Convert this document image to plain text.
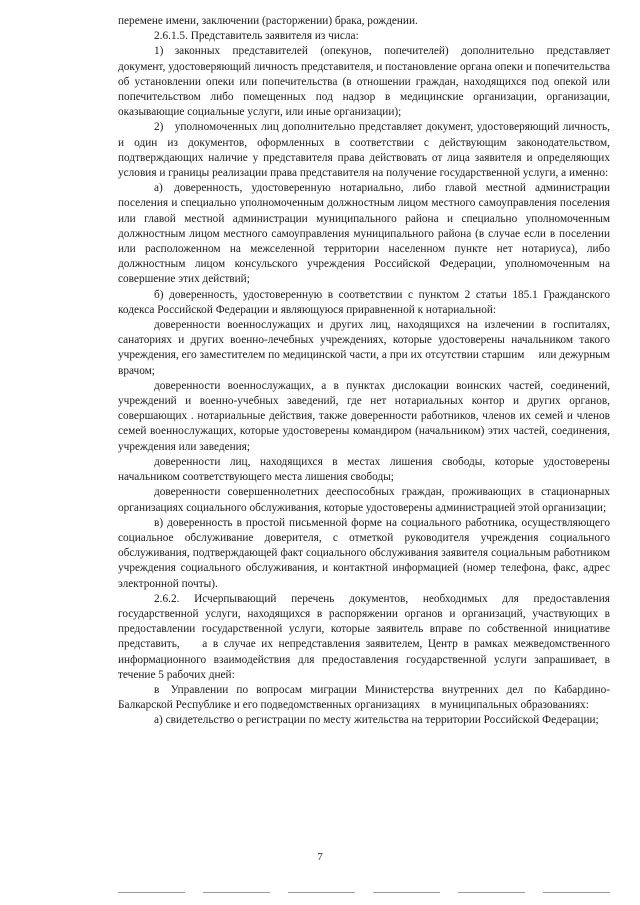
перемене имени, заключении (расторжении) брака, рождении.

2.6.1.5. Представитель заявителя из числа:

1) законных представителей (опекунов, попечителей) дополнительно представляет документ, удостоверяющий личность представителя, и постановление органа опеки и попечительства об установлении опеки или попечительства (в отношении граждан, находящихся под опекой или попечительством либо помещенных под надзор в медицинские организации, организации, оказывающие социальные услуги, или иные организации);

2) уполномоченных лиц дополнительно представляет документ, удостоверяющий личность, и один из документов, оформленных в соответствии с действующим законодательством, подтверждающих наличие у представителя права действовать от лица заявителя и определяющих условия и границы реализации права представителя на получение государственной услуги, а именно:

а) доверенность, удостоверенную нотариально, либо главой местной администрации поселения и специально уполномоченным должностным лицом местного самоуправления поселения или главой местной администрации муниципального района и специально уполномоченным должностным лицом местного самоуправления муниципального района (в случае если в поселении или расположенном на межселенной территории населенном пункте нет нотариуса), либо должностным лицом консульского учреждения Российской Федерации, уполномоченным на совершение этих действий;

б) доверенность, удостоверенную в соответствии с пунктом 2 статьи 185.1 Гражданского кодекса Российской Федерации и являющуюся приравненной к нотариальной:

доверенности военнослужащих и других лиц, находящихся на излечении в госпиталях, санаториях и других военно-лечебных учреждениях, которые удостоверены начальником такого учреждения, его заместителем по медицинской части, а при их отсутствии старшим  или дежурным врачом;

доверенности военнослужащих, а в пунктах дислокации воинских частей, соединений, учреждений и военно-учебных заведений, где нет нотариальных контор и других органов, совершающих . нотариальные действия, также доверенности работников, членов их семей и членов семей военнослужащих, которые удостоверены командиром (начальником) этих частей, соединения, учреждения или заведения;

доверенности лиц, находящихся в местах лишения свободы, которые удостоверены начальником соответствующего места лишения свободы;

доверенности совершеннолетних дееспособных граждан, проживающих в стационарных организациях социального обслуживания, которые удостоверены администрацией этой организации;

в) доверенность в простой письменной форме на социального работника, осуществляющего социальное обслуживание доверителя, с отметкой руководителя учреждения социального обслуживания, подтверждающей факт социального обслуживания заявителя социальным работником учреждения социального обслуживания, и контактной информацией (номер телефона, факс, адрес электронной почты).

2.6.2. Исчерпывающий перечень документов, необходимых для предоставления государственной услуги, находящихся в распоряжении органов и организаций, участвующих в предоставлении государственной услуги, которые заявитель вправе по собственной инициативе представить,  а в случае их непредставления заявителем, Центр в рамках межведомственного информационного взаимодействия для предоставления государственной услуги запрашивает, в течение 5 рабочих дней:

в Управлении по вопросам миграции Министерства внутренних дел по Кабардино-Балкарской Республике и его подведомственных организациях в муниципальных образованиях:

а) свидетельство о регистрации по месту жительства на территории Российской Федерации;

7
